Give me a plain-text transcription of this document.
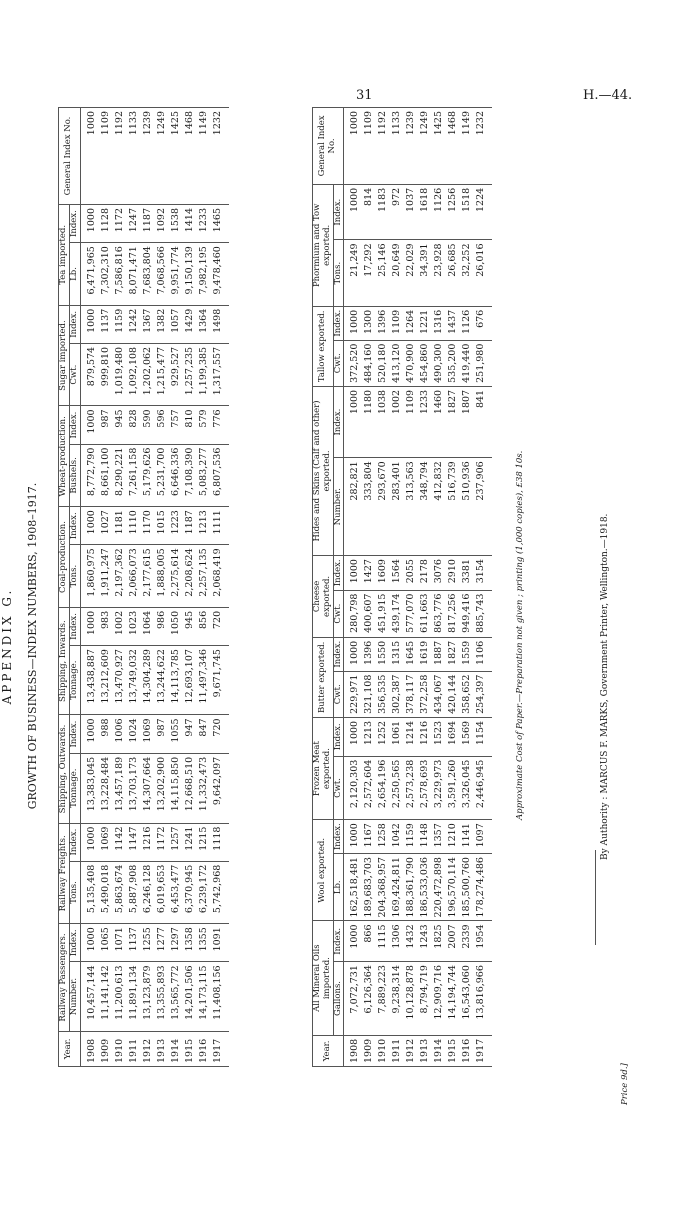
31	H.—44.
APPENDIX G. GROWTH OF BUSINESS—INDEX NUMBERS, 1908–1917.
Year.	Railway Passengers.		Railway Freights.		Shipping, Outwards.		Shipping, Inwards.		Coal-production.		Wheat-production.		Sugar imported.		Tea imported.		General Index No.
	Number.	Index.	Tons.	Index.	Tonnage.	Index.	Tonnage.	Index.	Tons.	Index.	Bushels.	Index.	Cwt.	Index.	Lb.	Index.	
1908	10,457,144	1000	5,135,408	1000	13,383,045	1000	13,438,887	1000	1,860,975	1000	8,772,790	1000	879,574	1000	6,471,965	1000	1000
1909	11,141,142	1065	5,490,018	1069	13,228,484	988	13,212,609	983	1,911,247	1027	8,661,100	987	999,810	1137	7,302,310	1128	1109
1910	11,200,613	1071	5,863,674	1142	13,457,189	1006	13,470,927	1002	2,197,362	1181	8,290,221	945	1,019,480	1159	7,586,816	1172	1192
1911	11,891,134	1137	5,887,908	1147	13,703,173	1024	13,749,032	1023	2,066,073	1110	7,261,158	828	1,092,108	1242	8,071,471	1247	1133
1912	13,123,879	1255	6,246,128	1216	14,307,664	1069	14,304,289	1064	2,177,615	1170	5,179,626	590	1,202,062	1367	7,683,804	1187	1239
1913	13,355,893	1277	6,019,653	1172	13,202,900	987	13,244,622	986	1,888,005	1015	5,231,700	596	1,215,477	1382	7,068,566	1092	1249
1914	13,565,772	1297	6,453,477	1257	14,115,850	1055	14,113,785	1050	2,275,614	1223	6,646,336	757	929,527	1057	9,951,774	1538	1425
1915	14,201,506	1358	6,370,945	1241	12,668,510	947	12,693,107	945	2,208,624	1187	7,108,390	810	1,257,235	1429	9,150,139	1414	1468
1916	14,173,115	1355	6,239,172	1215	11,332,473	847	11,497,346	856	2,257,135	1213	5,083,277	579	1,199,385	1364	7,982,195	1233	1149
1917	11,408,156	1091	5,742,968	1118	9,642,097	720	9,671,745	720	2,068,419	1111	6,807,536	776	1,317,557	1498	9,478,460	1465	1232
Year.	All Mineral Oils imported.		Wool exported.		Frozen Meat exported.		Butter exported.		Cheese exported.		Hides and Skins (Calf and other) exported.		Tallow exported.		Phormium and Tow exported.		General Index No.
	Gallons.	Index.	Lb.	Index.	Cwt.	Index.	Cwt.	Index.	Cwt.	Index.	Number.	Index.	Cwt.	Index.	Tons.	Index.	
1908	7,072,731	1000	162,518,481	1000	2,120,303	1000	229,971	1000	280,798	1000	282,821	1000	372,520	1000	21,249	1000	1000
1909	6,126,364	866	189,683,703	1167	2,572,604	1213	321,108	1396	400,607	1427	333,804	1180	484,160	1300	17,292	814	1109
1910	7,889,223	1115	204,368,957	1258	2,654,196	1252	356,535	1550	451,915	1609	293,670	1038	520,180	1396	25,146	1183	1192
1911	9,238,314	1306	169,424,811	1042	2,250,565	1061	302,387	1315	439,174	1564	283,401	1002	413,120	1109	20,649	972	1133
1912	10,128,878	1432	188,361,790	1159	2,573,238	1214	378,117	1645	577,070	2055	313,563	1109	470,900	1264	22,029	1037	1239
1913	8,794,719	1243	186,533,036	1148	2,578,693	1216	372,258	1619	611,663	2178	348,794	1233	454,860	1221	34,391	1618	1249
1914	12,909,716	1825	220,472,898	1357	3,229,973	1523	434,067	1887	863,776	3076	412,832	1460	490,300	1316	23,928	1126	1425
1915	14,194,744	2007	196,570,114	1210	3,591,260	1694	420,144	1827	817,256	2910	516,739	1827	535,200	1437	26,685	1256	1468
1916	16,543,060	2339	185,500,760	1141	3,326,045	1569	358,652	1559	949,416	3381	510,936	1807	419,440	1126	32,252	1518	1149
1917	13,816,966	1954	178,274,486	1097	2,446,945	1154	254,397	1106	885,743	3154	237,906	841	251,980	676	26,016	1224	1232
Approximate Cost of Paper.—Preparation not given ; printing (1,000 copies), £38 10s.	By Authority : MARCUS F. MARKS, Government Printer, Wellington.—1918.
Price 9d.]
